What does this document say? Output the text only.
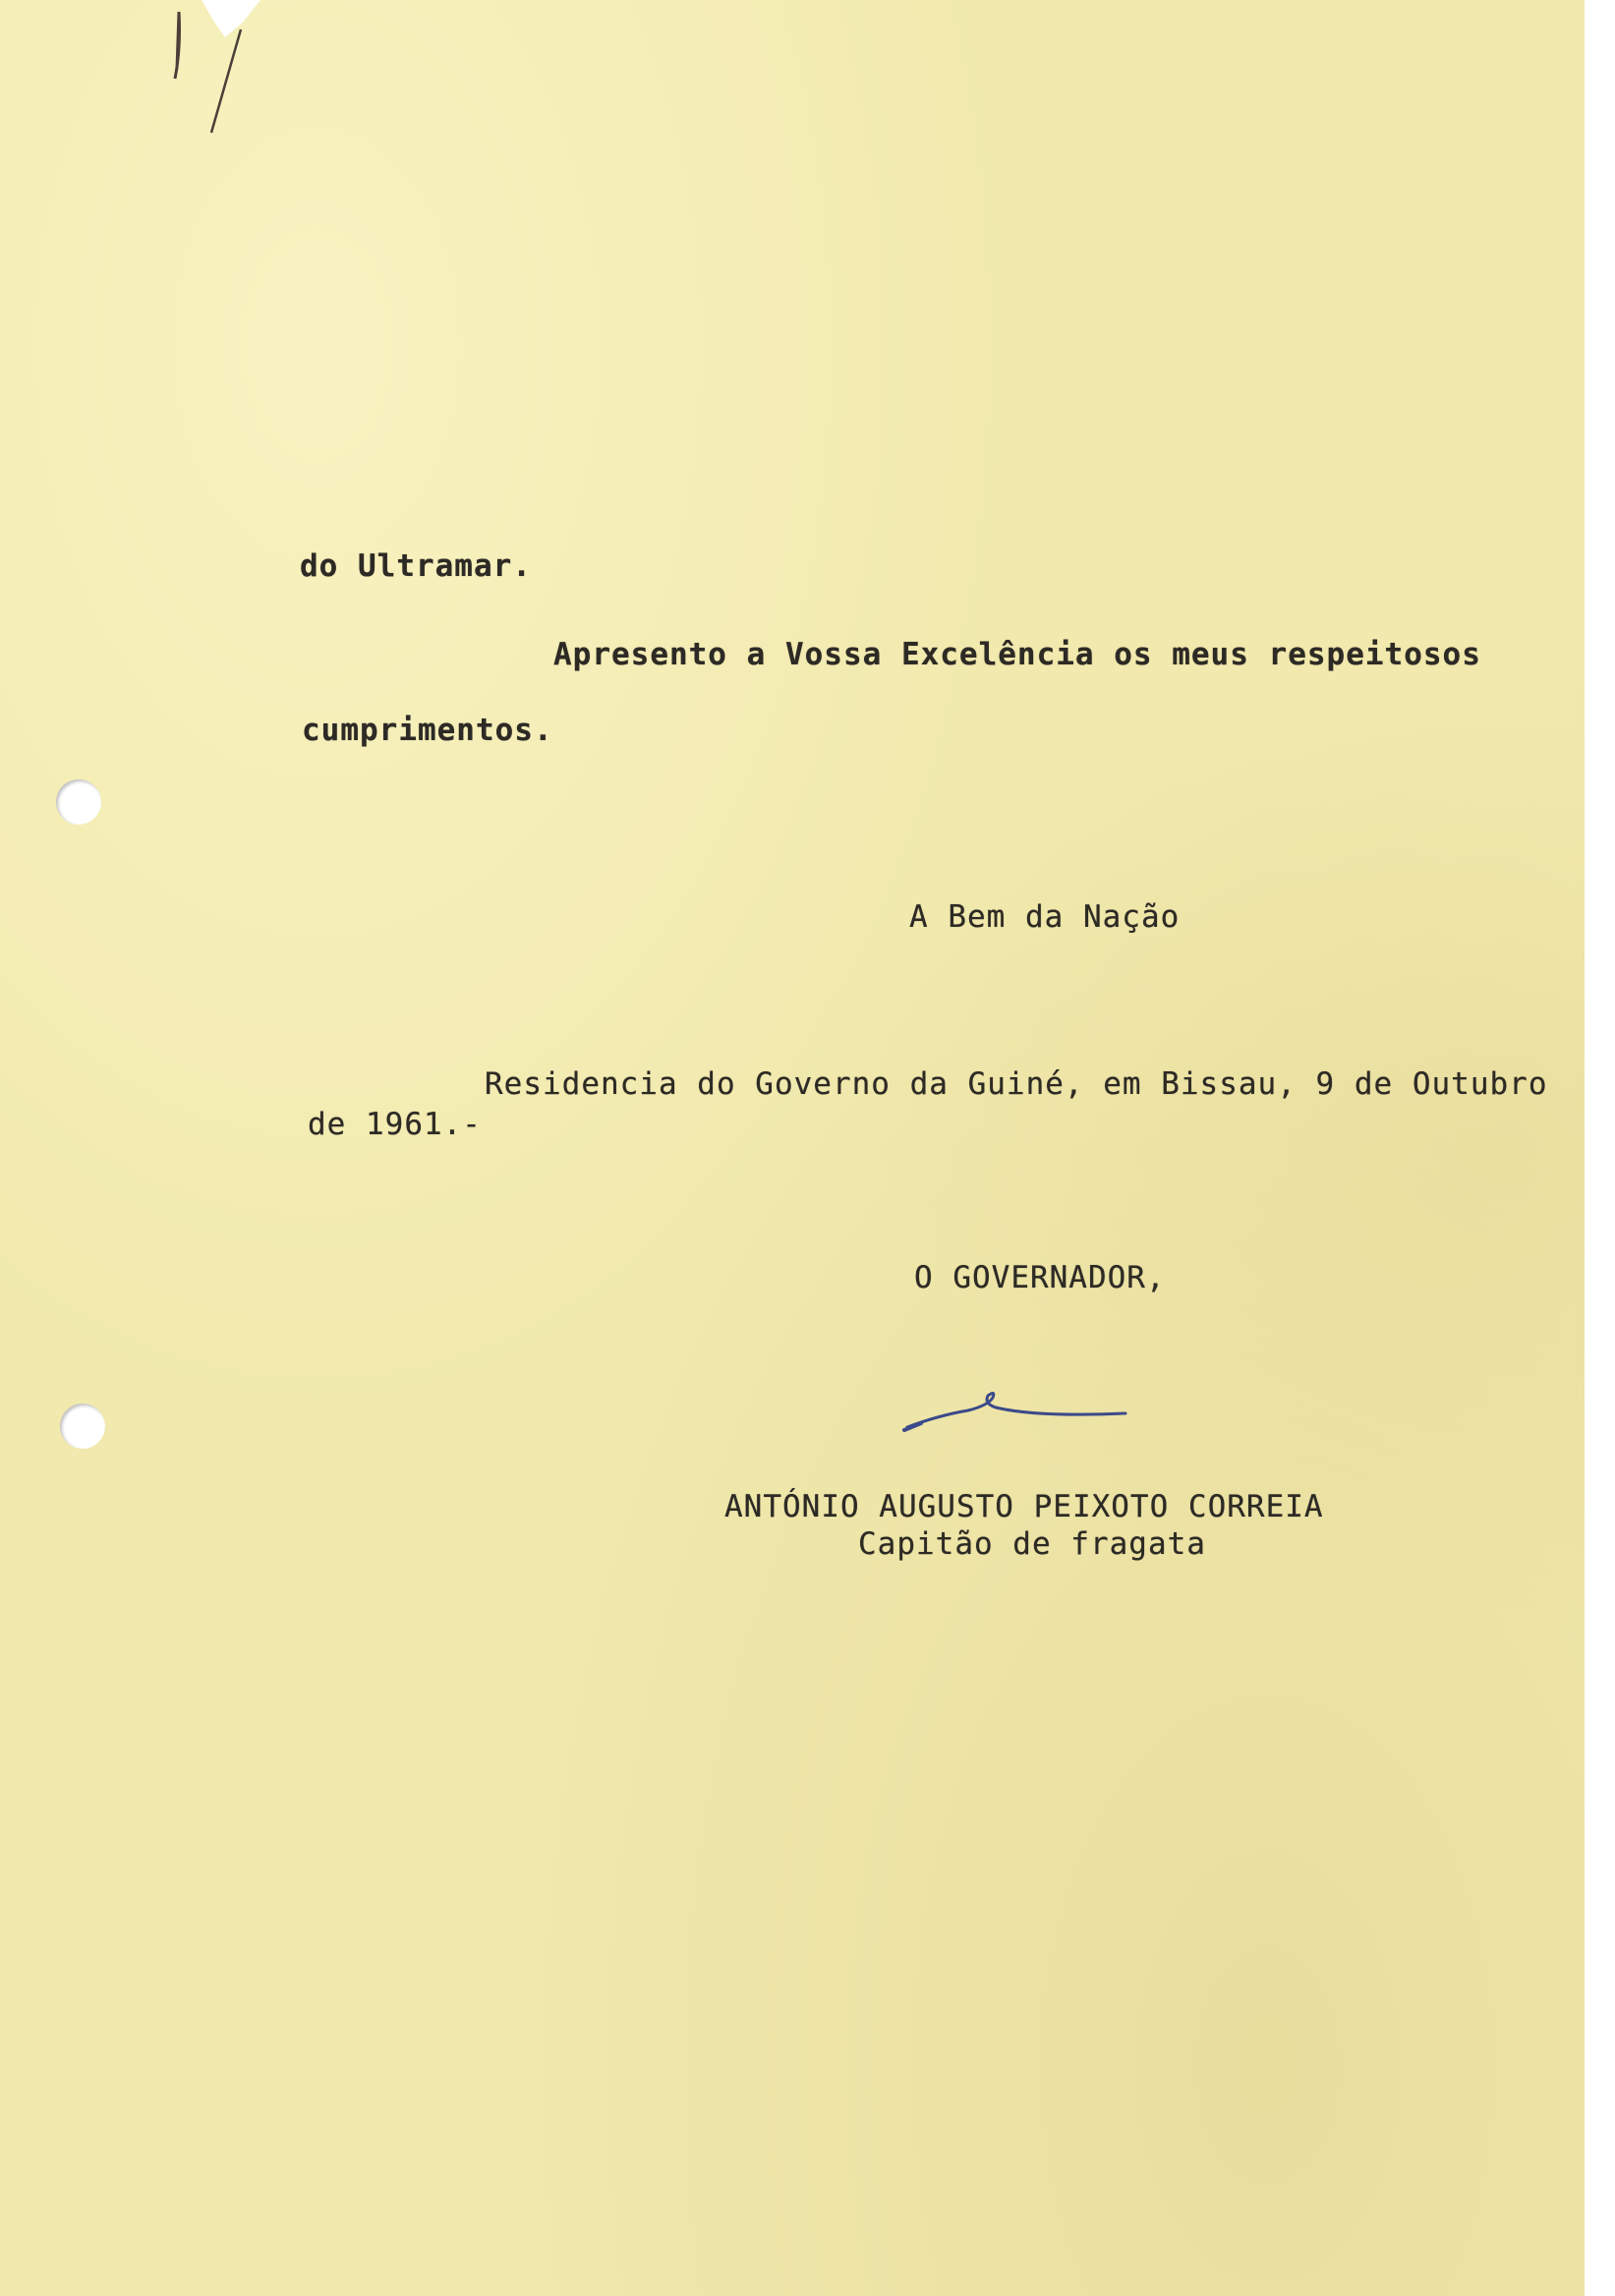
do Ultramar.
Apresento a Vossa Excelência os meus respeitosos
cumprimentos.
A Bem da Nação
Residencia do Governo da Guiné, em Bissau, 9 de Outubro
de 1961.-
O GOVERNADOR,
ANTÓNIO AUGUSTO PEIXOTO CORREIA
Capitão de fragata
